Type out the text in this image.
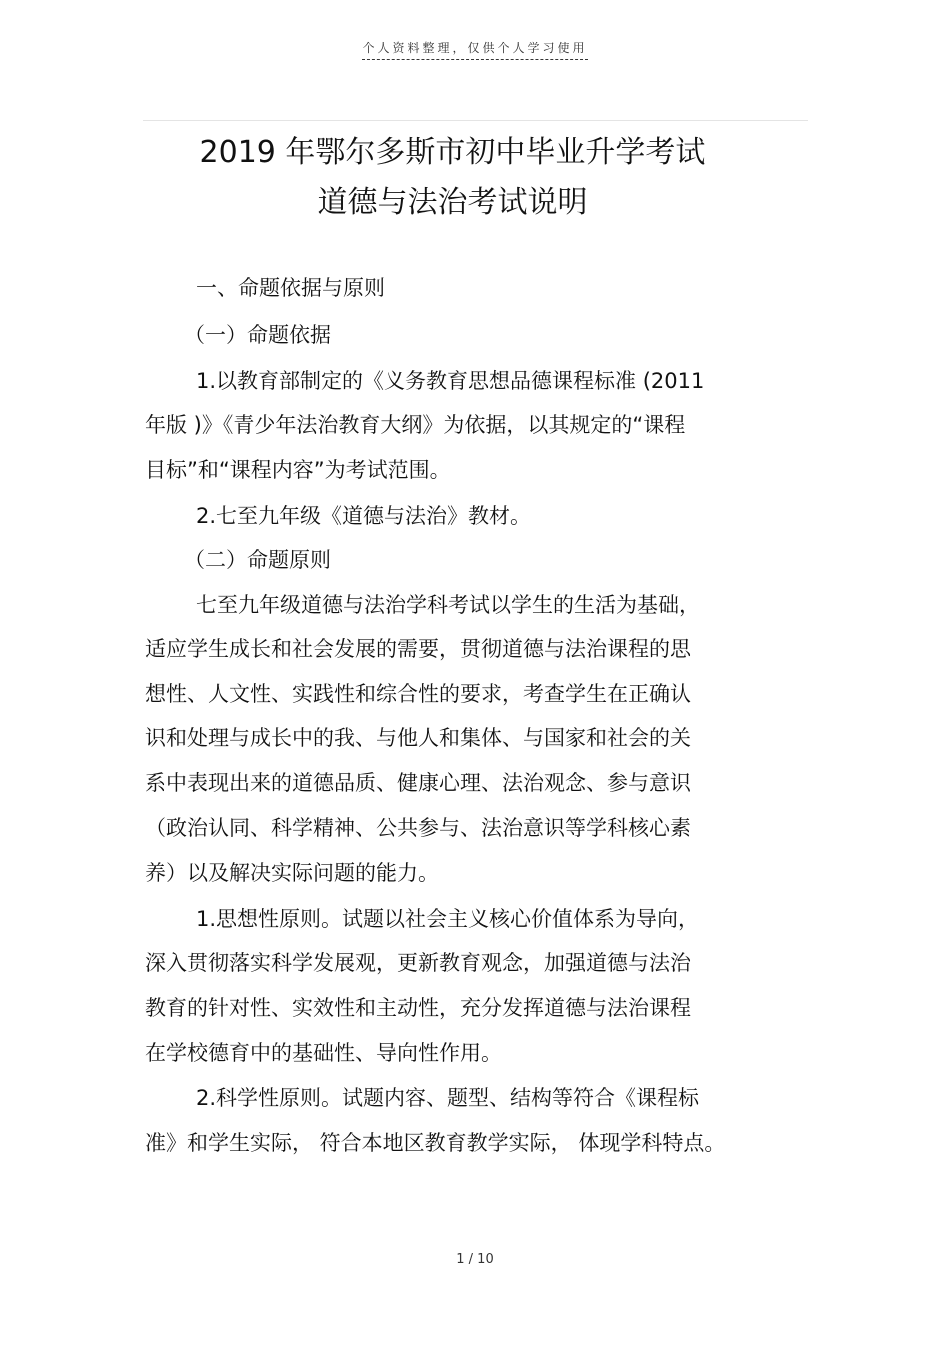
个人资料整理，仅供个人学习使用
2019 年鄂尔多斯市初中毕业升学考试
道德与法治考试说明
一、命题依据与原则
（一）命题依据
1.以教育部制定的《义务教育思想品德课程标准 (2011
年版 )》《青少年法治教育大纲》为依据，以其规定的“课程
目标”和“课程内容”为考试范围。
2.七至九年级《道德与法治》教材。
（二）命题原则
七至九年级道德与法治学科考试以学生的生活为基础，
适应学生成长和社会发展的需要，贯彻道德与法治课程的思
想性、人文性、实践性和综合性的要求，考查学生在正确认
识和处理与成长中的我、与他人和集体、与国家和社会的关
系中表现出来的道德品质、健康心理、法治观念、参与意识
（政治认同、科学精神、公共参与、法治意识等学科核心素
养）以及解决实际问题的能力。
1.思想性原则。试题以社会主义核心价值体系为导向，
深入贯彻落实科学发展观，更新教育观念，加强道德与法治
教育的针对性、实效性和主动性，充分发挥道德与法治课程
在学校德育中的基础性、导向性作用。
2.科学性原则。试题内容、题型、结构等符合《课程标
准》和学生实际， 符合本地区教育教学实际， 体现学科特点。
1 / 10
